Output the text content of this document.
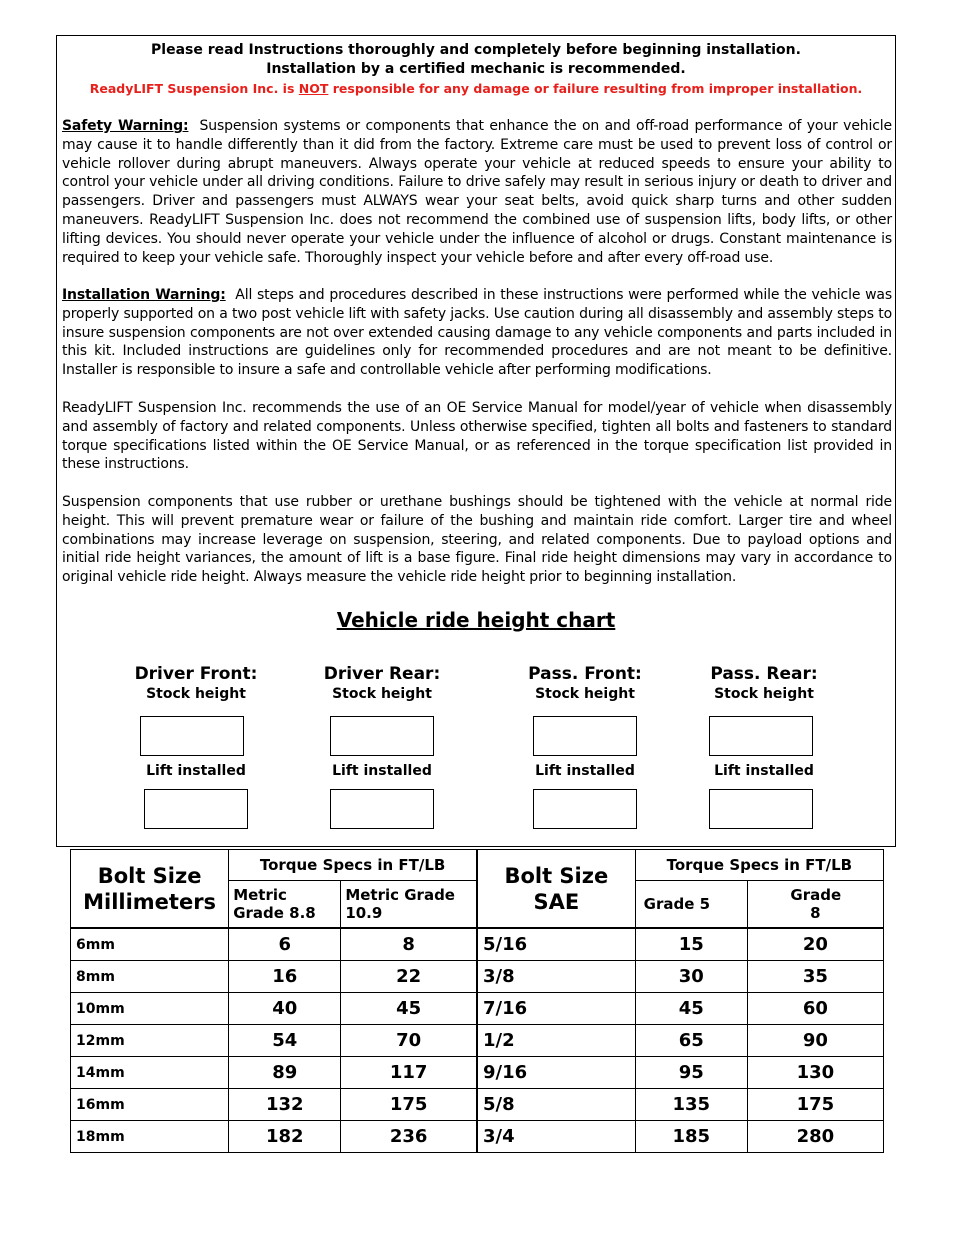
Please read Instructions thoroughly and completely before beginning installation.
Installation by a certified mechanic is recommended.
ReadyLIFT Suspension Inc. is NOT responsible for any damage or failure resulting from improper installation.
Safety Warning: Suspension systems or components that enhance the on and off-road performance of your vehicle may cause it to handle differently than it did from the factory. Extreme care must be used to prevent loss of control or vehicle rollover during abrupt maneuvers. Always operate your vehicle at reduced speeds to ensure your ability to control your vehicle under all driving conditions. Failure to drive safely may result in serious injury or death to driver and passengers. Driver and passengers must ALWAYS wear your seat belts, avoid quick sharp turns and other sudden maneuvers. ReadyLIFT Suspension Inc. does not recommend the combined use of suspension lifts, body lifts, or other lifting devices. You should never operate your vehicle under the influence of alcohol or drugs. Constant maintenance is required to keep your vehicle safe. Thoroughly inspect your vehicle before and after every off-road use.
Installation Warning: All steps and procedures described in these instructions were performed while the vehicle was properly supported on a two post vehicle lift with safety jacks. Use caution during all disassembly and assembly steps to insure suspension components are not over extended causing damage to any vehicle components and parts included in this kit. Included instructions are guidelines only for recommended procedures and are not meant to be definitive. Installer is responsible to insure a safe and controllable vehicle after performing modifications.
ReadyLIFT Suspension Inc. recommends the use of an OE Service Manual for model/year of vehicle when disassembly and assembly of factory and related components. Unless otherwise specified, tighten all bolts and fasteners to standard torque specifications listed within the OE Service Manual, or as referenced in the torque specification list provided in these instructions.
Suspension components that use rubber or urethane bushings should be tightened with the vehicle at normal ride height. This will prevent premature wear or failure of the bushing and maintain ride comfort. Larger tire and wheel combinations may increase leverage on suspension, steering, and related components. Due to payload options and initial ride height variances, the amount of lift is a base figure. Final ride height dimensions may vary in accordance to original vehicle ride height. Always measure the vehicle ride height prior to beginning installation.
Vehicle ride height chart
Driver Front:
Stock height
Lift installed
Driver Rear:
Stock height
Lift installed
Pass. Front:
Stock height
Lift installed
Pass. Rear:
Stock height
Lift installed
Bolt Size Millimeters	Torque Specs in FT/LB		Bolt Size SAE	Torque Specs in FT/LB	
	Metric Grade 8.8	Metric Grade 10.9		Grade 5	Grade 8
6mm	6	8	5/16	15	20
8mm	16	22	3/8	30	35
10mm	40	45	7/16	45	60
12mm	54	70	1/2	65	90
14mm	89	117	9/16	95	130
16mm	132	175	5/8	135	175
18mm	182	236	3/4	185	280
